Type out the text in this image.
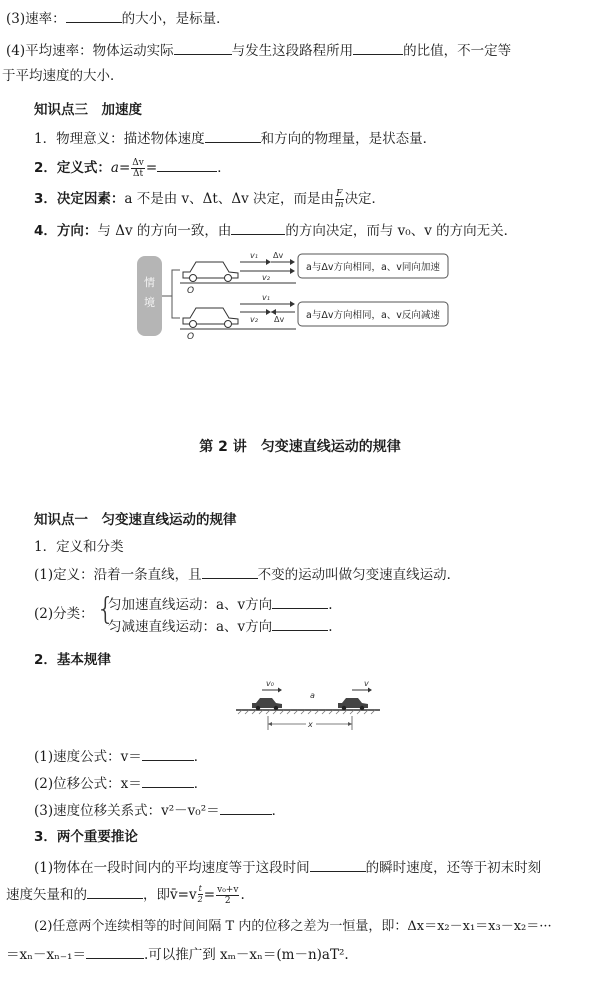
(3)速率：	的大小，是标量．
(4)平均速率：物体运动实际	与发生这段路程所用	的比值，不一定等
于平均速度的大小．
知识点三　加速度
1．物理意义：描述物体速度	和方向的物理量，是状态量．
2．定义式：$a= \frac{\Delta v}{\Delta t}$ =	．
3．决定因素：a 不是由 v、Δt、Δv 决定，而是由 $\frac{F}{m}$ 决定．
4．方向：与 Δv 的方向一致，由	的方向决定，而与 v₀、v 的方向无关．
情
境
v₁ Δv
v₂
O
a与Δv方向相同，a、v同向加速
v₁
v₂ Δv
O
a与Δv方向相同，a、v反向减速
第 2 讲　匀变速直线运动的规律
知识点一　匀变速直线运动的规律
1．定义和分类
(1)定义：沿着一条直线，且	不变的运动叫做匀变速直线运动．
(2)分类： {
匀加速直线运动：a、v方向	.
匀减速直线运动：a、v方向	.
2．基本规律
v₀
a
v
x
(1)速度公式：v＝	．
(2)位移公式：x＝	．
(3)速度位移关系式：v²－v₀²＝	．
3．两个重要推论
(1)物体在一段时间内的平均速度等于这段时间	的瞬时速度，还等于初末时刻
速度矢量和的	，即v̄=v $\frac{t}{2} = \frac{\text{v₀+v}}{2}$ .
(2)任意两个连续相等的时间间隔 T 内的位移之差为一恒量，即：Δx＝x₂－x₁＝x₃－x₂＝···
＝xₙ－xₙ₋₁＝	.可以推广到 xₘ－xₙ＝(m－n)aT².
